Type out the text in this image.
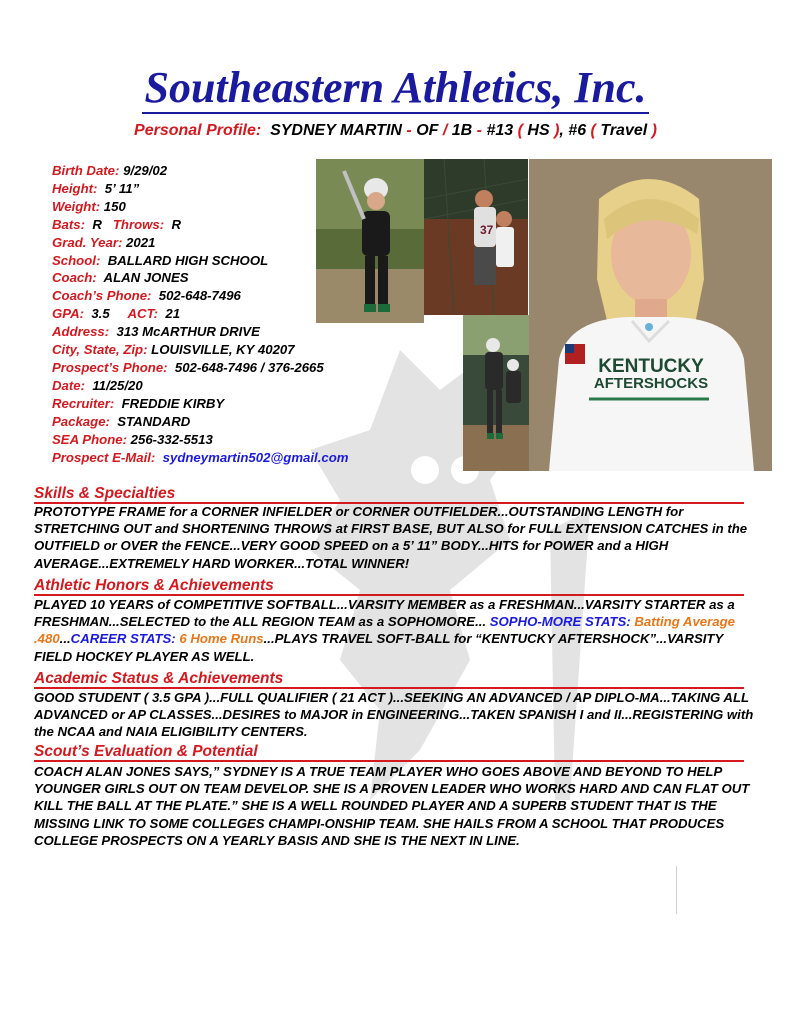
Southeastern Athletics, Inc.
Personal Profile: SYDNEY MARTIN - OF / 1B - #13 ( HS ), #6 ( Travel )
Birth Date: 9/29/02
Height: 5’ 11”
Weight: 150
Bats: R Throws: R
Grad. Year: 2021
School: BALLARD HIGH SCHOOL
Coach: ALAN JONES
Coach’s Phone: 502-648-7496
GPA: 3.5 ACT: 21
Address: 313 McARTHUR DRIVE
City, State, Zip: LOUISVILLE, KY 40207
Prospect’s Phone: 502-648-7496 / 376-2665
Date: 11/25/20
Recruiter: FREDDIE KIRBY
Package: STANDARD
SEA Phone: 256-332-5513
Prospect E-Mail: sydneymartin502@gmail.com
37
KENTUCKY
AFTERSHOCKS
Skills & Specialties
PROTOTYPE FRAME for a CORNER INFIELDER or CORNER OUTFIELDER...OUTSTANDING LENGTH for STRETCHING OUT and SHORTENING THROWS at FIRST BASE, BUT ALSO for FULL EXTENSION CATCHES in the OUTFIELD or OVER the FENCE...VERY GOOD SPEED on a 5’ 11” BODY...HITS for POWER and a HIGH AVERAGE...EXTREMELY HARD WORKER...TOTAL WINNER!
Athletic Honors & Achievements
PLAYED 10 YEARS of COMPETITIVE SOFTBALL...VARSITY MEMBER as a FRESHMAN...VARSITY STARTER as a FRESHMAN...SELECTED to the ALL REGION TEAM as a SOPHOMORE... SOPHO-MORE STATS: Batting Average .480...CAREER STATS: 6 Home Runs...PLAYS TRAVEL SOFT-BALL for “KENTUCKY AFTERSHOCK”...VARSITY FIELD HOCKEY PLAYER AS WELL.
Academic Status & Achievements
GOOD STUDENT ( 3.5 GPA )...FULL QUALIFIER ( 21 ACT )...SEEKING AN ADVANCED / AP DIPLO-MA...TAKING ALL ADVANCED or AP CLASSES...DESIRES to MAJOR in ENGINEERING...TAKEN SPANISH I and II...REGISTERING with the NCAA and NAIA ELIGIBILITY CENTERS.
Scout’s Evaluation & Potential
COACH ALAN JONES SAYS,” SYDNEY IS A TRUE TEAM PLAYER WHO GOES ABOVE AND BEYOND TO HELP YOUNGER GIRLS OUT ON TEAM DEVELOP. SHE IS A PROVEN LEADER WHO WORKS HARD AND CAN FLAT OUT KILL THE BALL AT THE PLATE.” SHE IS A WELL ROUNDED PLAYER AND A SUPERB STUDENT THAT IS THE MISSING LINK TO SOME COLLEGES CHAMPI-ONSHIP TEAM. SHE HAILS FROM A SCHOOL THAT PRODUCES COLLEGE PROSPECTS ON A YEARLY BASIS AND SHE IS THE NEXT IN LINE.
